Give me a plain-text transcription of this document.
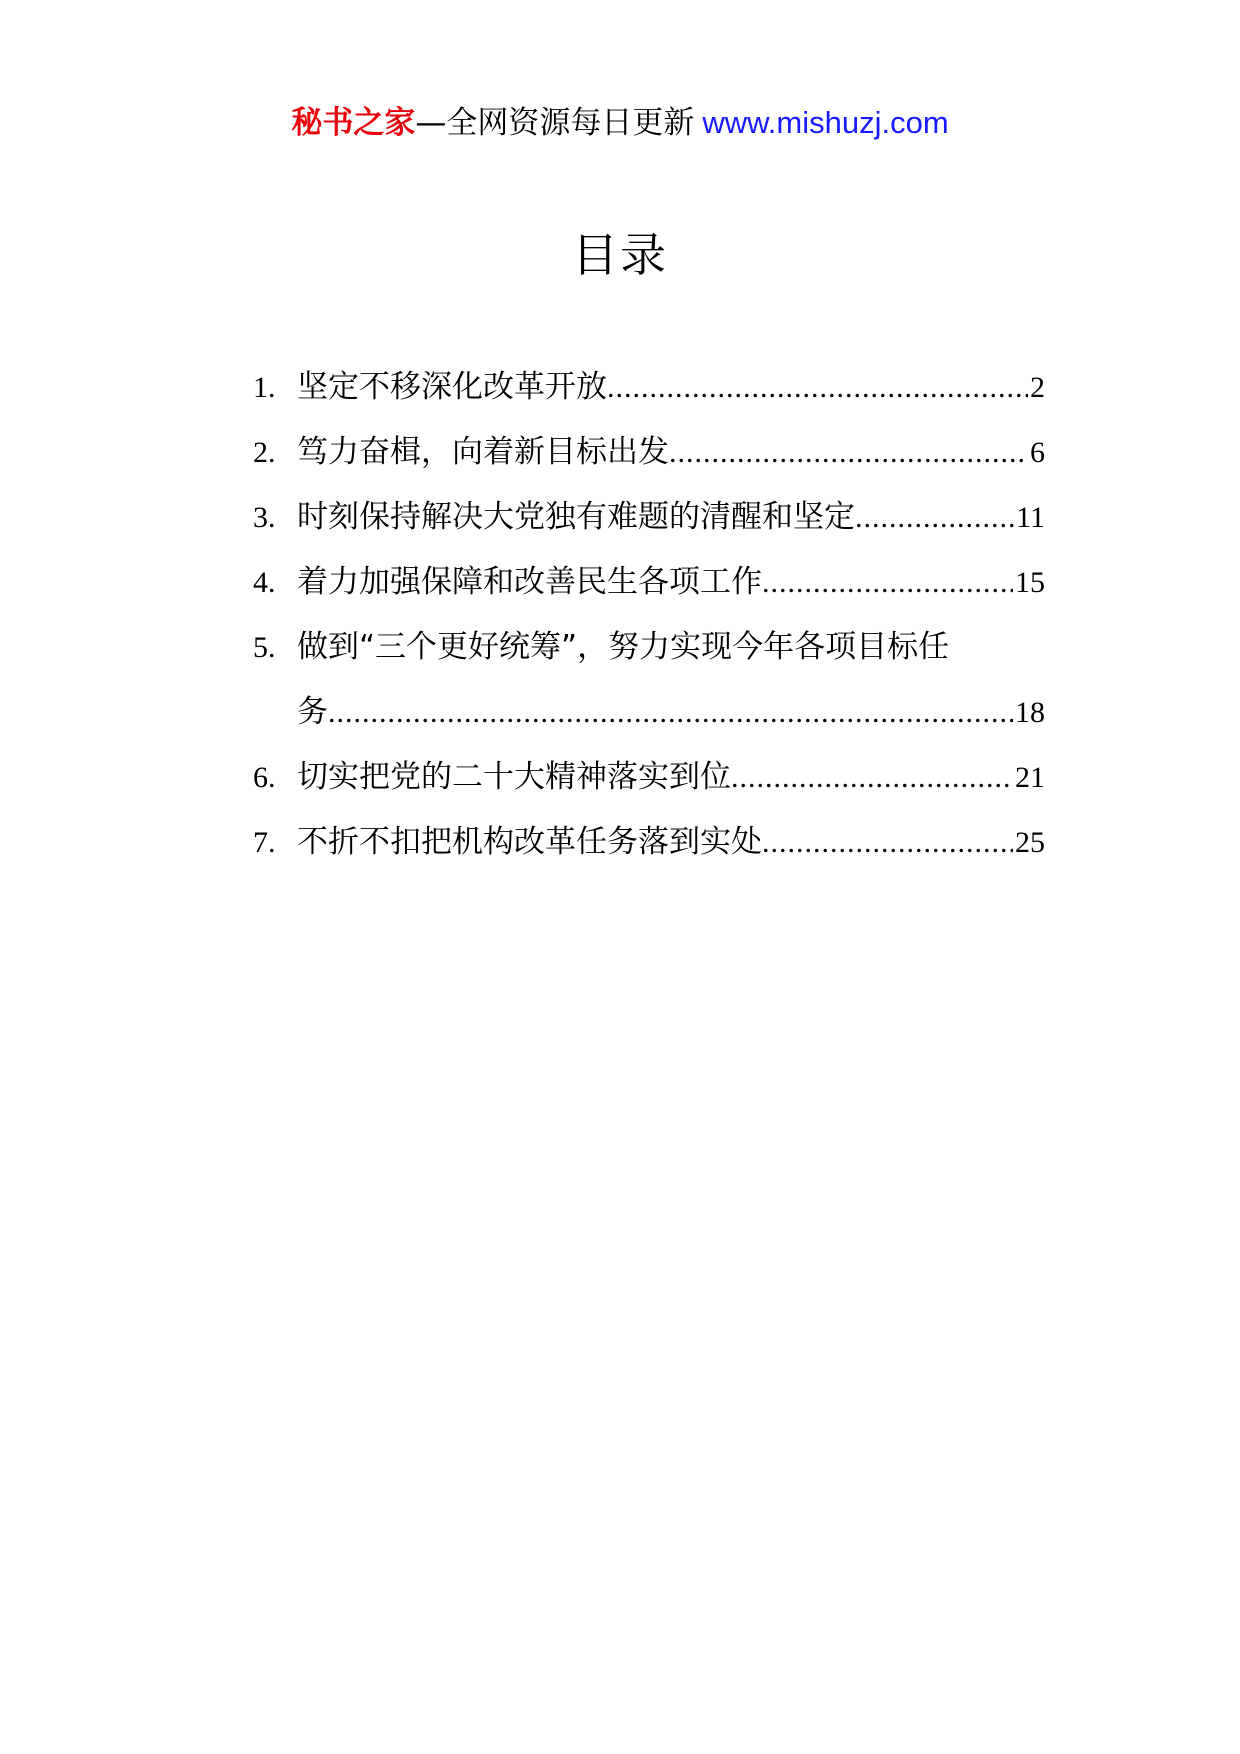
秘书之家—全网资源每日更新 www.mishuzj.com
目录
1. 坚定不移深化改革开放 .....	2
2. 笃力奋楫，向着新目标出发 .....	6
3. 时刻保持解决大党独有难题的清醒和坚定 .....	11
4. 着力加强保障和改善民生各项工作 .....	15
5. 做到“三个更好统筹”，努力实现今年各项目标任
务 .....	18
6. 切实把党的二十大精神落实到位 .....	21
7. 不折不扣把机构改革任务落到实处 .....	25
